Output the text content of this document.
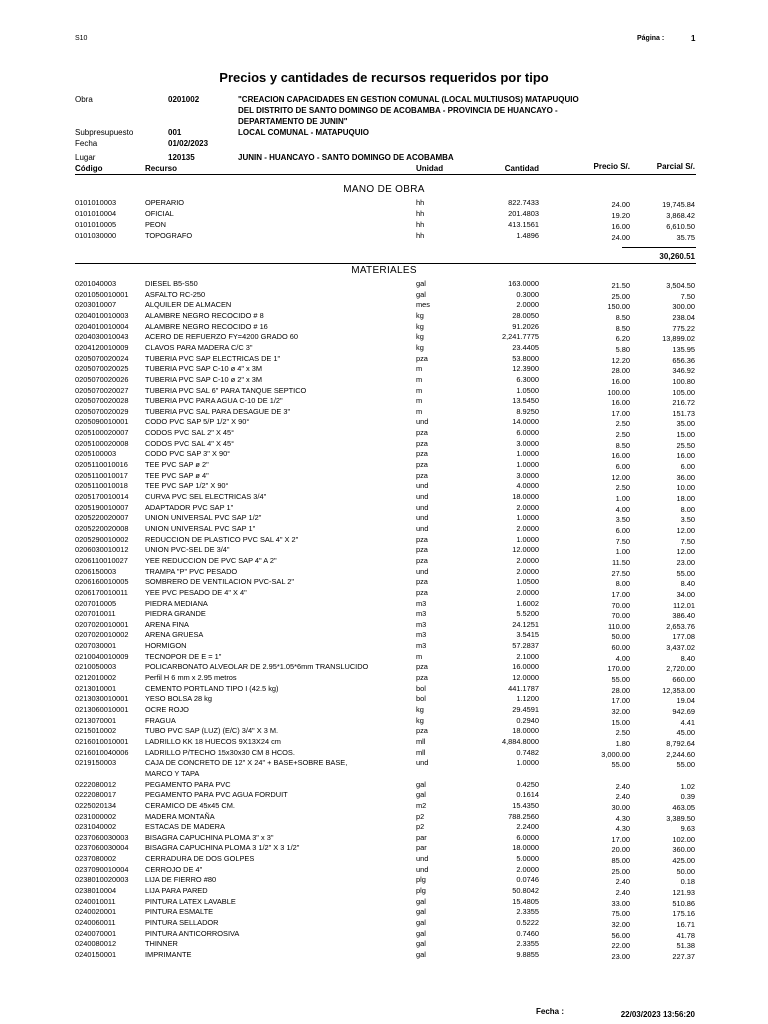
S10	Página :	1
Precios y cantidades de recursos requeridos por tipo
Obra	0201002	"CREACION CAPACIDADES EN GESTION COMUNAL (LOCAL MULTIUSOS) MATAPUQUIO
DEL DISTRITO DE SANTO DOMINGO DE ACOBAMBA - PROVINCIA DE HUANCAYO -
DEPARTAMENTO DE JUNIN"
Subpresupuesto	001	LOCAL COMUNAL - MATAPUQUIO
Fecha	01/02/2023
Lugar	120135	JUNIN - HUANCAYO - SANTO DOMINGO DE ACOBAMBA
Código	Recurso	Unidad	Cantidad	Precio S/.	Parcial S/.
MANO DE OBRA
0101010003	OPERARIO	hh	822.7433	24.00	19,745.84
0101010004	OFICIAL	hh	201.4803	19.20	3,868.42
0101010005	PEON	hh	413.1561	16.00	6,610.50
0101030000	TOPOGRAFO	hh	1.4896	24.00	35.75
30,260.51
MATERIALES
0201040003	DIESEL B5-S50	gal	163.0000	21.50	3,504.50
0201050010001 ASFALTO RC-250	gal	0.3000	25.00	7.50
0203010007	ALQUILER DE ALMACEN	mes	2.0000	150.00	300.00
0204010010003 ALAMBRE NEGRO RECOCIDO # 8	kg	28.0050	8.50	238.04
0204010010004 ALAMBRE NEGRO RECOCIDO # 16	kg	91.2026	8.50	775.22
0204030010043 ACERO DE REFUERZO FY=4200 GRADO 60	kg	2,241.7775	6.20	13,899.02
0204120010009 CLAVOS PARA MADERA C/C 3"	kg	23.4405	5.80	135.95
0205070020024 TUBERIA PVC SAP ELECTRICAS DE 1"	pza	53.8000	12.20	656.36
0205070020025 TUBERIA PVC SAP C-10 ø 4" x 3M	m	12.3900	28.00	346.92
0205070020026 TUBERIA PVC SAP C-10 ø 2" x 3M	m	6.3000	16.00	100.80
0205070020027 TUBERIA PVC SAL 6" PARA TANQUE SEPTICO	m	1.0500	100.00	105.00
0205070020028 TUBERIA PVC PARA AGUA C-10 DE 1/2"	m	13.5450	16.00	216.72
0205070020029 TUBERIA PVC SAL PARA DESAGUE DE 3"	m	8.9250	17.00	151.73
0205090010001 CODO PVC SAP 5/P 1/2" X 90°	und	14.0000	2.50	35.00
0205100020007 CODOS PVC SAL 2" X 45°	pza	6.0000	2.50	15.00
0205100020008 CODOS PVC SAL 4" X 45°	pza	3.0000	8.50	25.50
0205100003	CODO PVC SAP 3" X 90°	pza	1.0000	16.00	16.00
0205110010016 TEE PVC SAP ø 2"	pza	1.0000	6.00	6.00
0205110010017 TEE PVC SAP ø 4"	pza	3.0000	12.00	36.00
0205110010018 TEE PVC SAP 1/2" X 90°	und	4.0000	2.50	10.00
0205170010014 CURVA PVC SEL ELECTRICAS 3/4"	und	18.0000	1.00	18.00
0205190010007 ADAPTADOR PVC SAP 1"	und	2.0000	4.00	8.00
0205220020007 UNION UNIVERSAL PVC SAP 1/2"	und	1.0000	3.50	3.50
0205220020008 UNION UNIVERSAL PVC SAP 1"	und	2.0000	6.00	12.00
0205290010002 REDUCCION DE PLASTICO PVC SAL 4" X 2"	pza	1.0000	7.50	7.50
0206030010012 UNION PVC-SEL DE 3/4"	pza	12.0000	1.00	12.00
0206110010027 YEE REDUCCION DE PVC SAP 4" A 2"	pza	2.0000	11.50	23.00
0206150003	TRAMPA "P" PVC PESADO	und	2.0000	27.50	55.00
0206160010005 SOMBRERO DE VENTILACION PVC-SAL 2"	pza	1.0500	8.00	8.40
0206170010011 YEE PVC PESADO DE 4" X 4"	pza	2.0000	17.00	34.00
0207010005	PIEDRA MEDIANA	m3	1.6002	70.00	112.01
0207010011	PIEDRA GRANDE	m3	5.5200	70.00	386.40
0207020010001 ARENA FINA	m3	24.1251	110.00	2,653.76
0207020010002 ARENA GRUESA	m3	3.5415	50.00	177.08
0207030001	HORMIGON	m3	57.2837	60.00	3,437.02
0210040010009 TECNOPOR DE E = 1"	m	2.1000	4.00	8.40
0210050003	POLICARBONATO ALVEOLAR DE 2.95*1.05*6mm TRANSLUCIDO	pza	16.0000	170.00	2,720.00
0212010002	Perfil H 6 mm x 2.95 metros	pza	12.0000	55.00	660.00
0213010001	CEMENTO PORTLAND TIPO I (42.5 kg)	bol	441.1787	28.00	12,353.00
0213030010001 YESO BOLSA 28 kg	bol	1.1200	17.00	19.04
0213060010001 OCRE ROJO	kg	29.4591	32.00	942.69
0213070001	FRAGUA	kg	0.2940	15.00	4.41
0215010002	TUBO PVC SAP (LUZ) (E/C) 3/4" X 3 M.	pza	18.0000	2.50	45.00
0216010010001 LADRILLO KK 18 HUECOS 9X13X24 cm	mll	4,884.8000	1.80	8,792.64
0216010040006 LADRILLO P/TECHO 15x30x30 CM 8 HCOS.	mll	0.7482	3,000.00	2,244.60
0219150003	CAJA DE CONCRETO DE 12" X 24" + BASE+SOBRE BASE,	und	1.0000	55.00	55.00
MARCO Y TAPA
0222080012	PEGAMENTO PARA PVC	gal	0.4250	2.40	1.02
0222080017	PEGAMENTO PARA PVC AGUA FORDUIT	gal	0.1614	2.40	0.39
0225020134	CERAMICO DE 45x45 CM.	m2	15.4350	30.00	463.05
0231000002	MADERA MONTAÑA	p2	788.2560	4.30	3,389.50
0231040002	ESTACAS DE MADERA	p2	2.2400	4.30	9.63
0237060030003 BISAGRA CAPUCHINA PLOMA 3" x 3"	par	6.0000	17.00	102.00
0237060030004 BISAGRA CAPUCHINA PLOMA 3 1/2" X 3 1/2"	par	18.0000	20.00	360.00
0237080002	CERRADURA DE DOS GOLPES	und	5.0000	85.00	425.00
0237090010004 CERROJO DE 4"	und	2.0000	25.00	50.00
0238010020003 LIJA DE FIERRO #80	plg	0.0746	2.40	0.18
0238010004	LIJA PARA PARED	plg	50.8042	2.40	121.93
0240010011	PINTURA LATEX LAVABLE	gal	15.4805	33.00	510.86
0240020001	PINTURA ESMALTE	gal	2.3355	75.00	175.16
0240060011	PINTURA SELLADOR	gal	0.5222	32.00	16.71
0240070001	PINTURA ANTICORROSIVA	gal	0.7460	56.00	41.78
0240080012	THINNER	gal	2.3355	22.00	51.38
0240150001	IMPRIMANTE	gal	9.8855	23.00	227.37
Fecha :	22/03/2023 13:56:20
